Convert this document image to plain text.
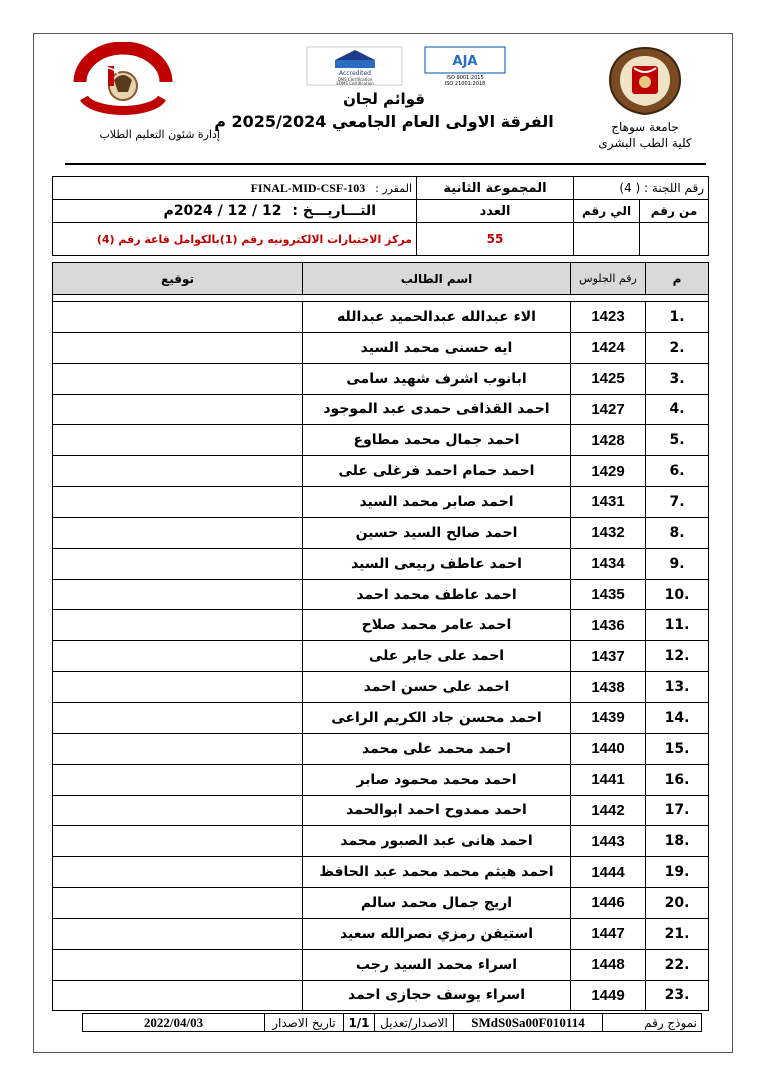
إدارة شئون التعليم الطلاب
Accredited
QMS Certification
EOMS Certification
AJA
ISO 9001:2015
ISO 21001:2018
جامعة سوهاج
كلية الطب البشرى
قوائم لجان
الفرقة الاولى العام الجامعي 2025/2024 م
رقم اللجنة : ( 4)		المجموعة الثانية	المقرر : FINAL-MID-CSF-103
من رقم	الي رقم	العدد	التـــاريـــخ : 12 / 12 / 2024م
		55	مركز الاختبارات الالكترونيه رقم (1)بالكوامل قاعة رقم (4)
م	رقم الجلوس	اسم الطالب	توقيع

.1	1423	الاء عبدالله عبدالحميد عبدالله	
.2	1424	ايه حسنى محمد السيد	
.3	1425	ابانوب اشرف شهيد سامى	
.4	1427	احمد القذافى حمدى عبد الموجود	
.5	1428	احمد جمال محمد مطاوع	
.6	1429	احمد حمام احمد فرغلى على	
.7	1431	احمد صابر محمد السيد	
.8	1432	احمد صالح السيد حسين	
.9	1434	احمد عاطف ربيعى السيد	
.10	1435	احمد عاطف محمد احمد	
.11	1436	احمد عامر محمد صلاح	
.12	1437	احمد على جابر على	
.13	1438	احمد على حسن احمد	
.14	1439	احمد محسن جاد الكريم الراعى	
.15	1440	احمد محمد على محمد	
.16	1441	احمد محمد محمود صابر	
.17	1442	احمد ممدوح احمد ابوالحمد	
.18	1443	احمد هانى عبد الصبور محمد	
.19	1444	احمد هيثم محمد محمد عبد الحافظ	
.20	1446	اريج جمال محمد سالم	
.21	1447	استيفن رمزي نصرالله سعيد	
.22	1448	اسراء محمد السيد رجب	
.23	1449	اسراء يوسف حجازى احمد	
نموذج رقم	SMdS0Sa00F010114	الاصدار/تعديل	1/1	تاريخ الاصدار	2022/04/03
